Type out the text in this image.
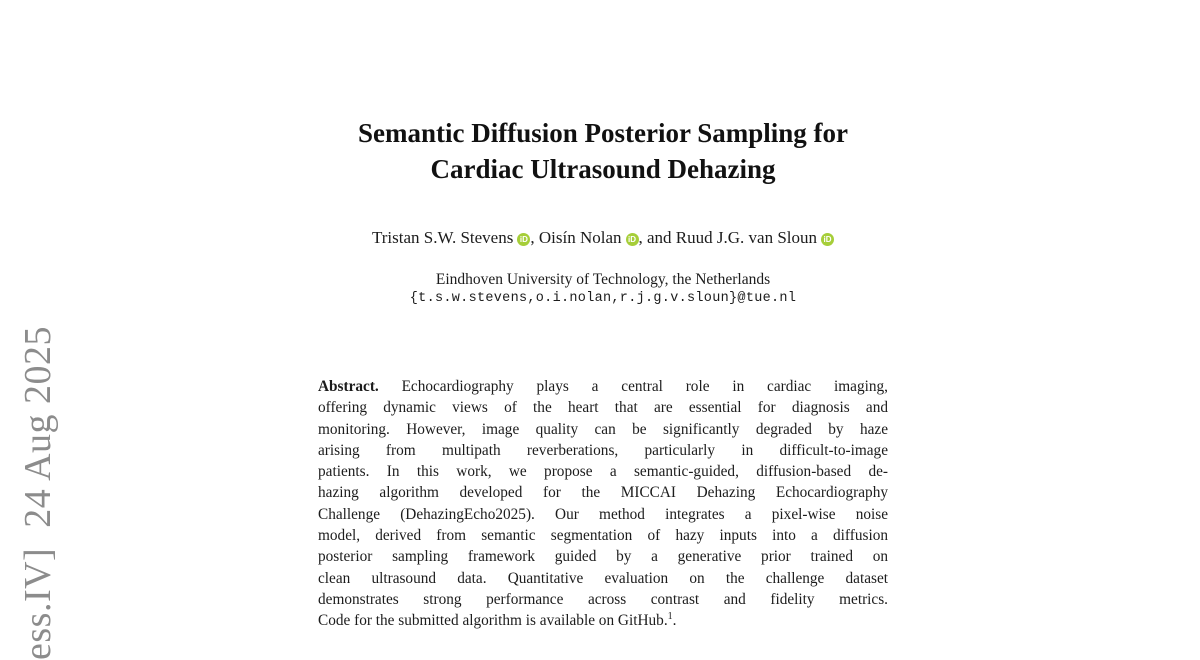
ess.IV]  24 Aug 2025
Semantic Diffusion Posterior Sampling for
Cardiac Ultrasound Dehazing
Tristan S.W. Stevens iD , Oisín Nolan iD , and Ruud J.G. van Sloun iD
Eindhoven University of Technology, the Netherlands
{t.s.w.stevens,o.i.nolan,r.j.g.v.sloun}@tue.nl
Abstract. Echocardiography plays a central role in cardiac imaging,
offering dynamic views of the heart that are essential for diagnosis and
monitoring. However, image quality can be significantly degraded by haze
arising from multipath reverberations, particularly in difficult-to-image
patients. In this work, we propose a semantic-guided, diffusion-based de-
hazing algorithm developed for the MICCAI Dehazing Echocardiography
Challenge (DehazingEcho2025). Our method integrates a pixel-wise noise
model, derived from semantic segmentation of hazy inputs into a diffusion
posterior sampling framework guided by a generative prior trained on
clean ultrasound data. Quantitative evaluation on the challenge dataset
demonstrates strong performance across contrast and fidelity metrics.
Code for the submitted algorithm is available on GitHub.$^1$.
